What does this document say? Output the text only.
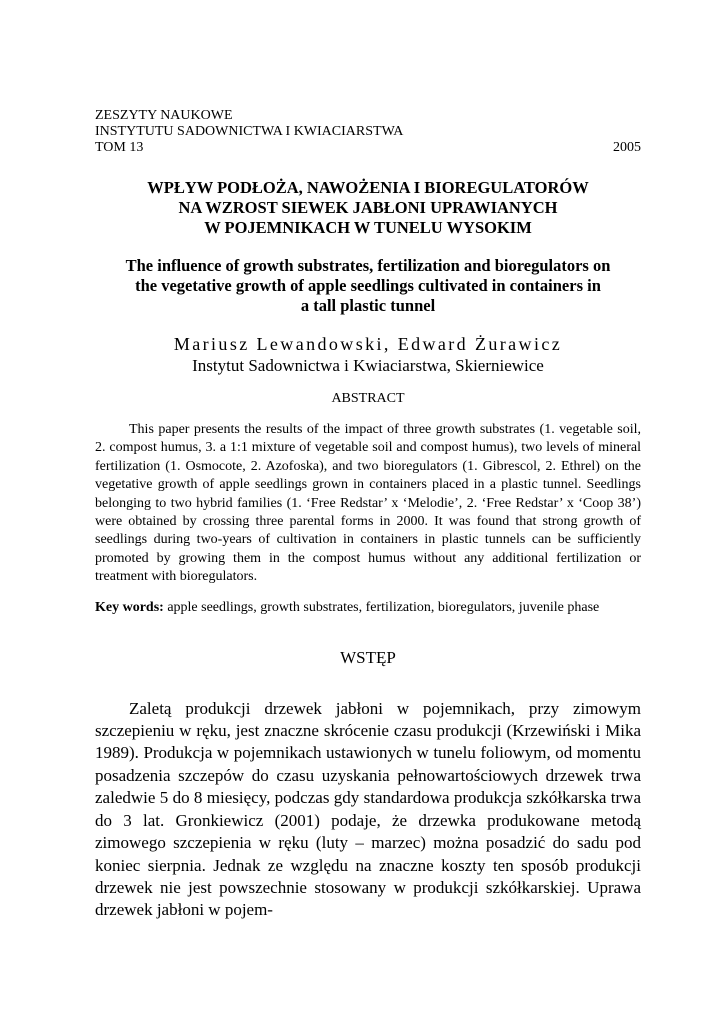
ZESZYTY NAUKOWE
INSTYTUTU SADOWNICTWA I KWIACIARSTWA
TOM 13	2005
WPŁYW PODŁOŻA, NAWOŻENIA I BIOREGULATORÓW
NA WZROST SIEWEK JABŁONI UPRAWIANYCH
W POJEMNIKACH W TUNELU WYSOKIM
The influence of growth substrates, fertilization and bioregulators on
the vegetative growth of apple seedlings cultivated in containers in
a tall plastic tunnel
Mariusz Lewandowski, Edward Żurawicz
Instytut Sadownictwa i Kwiaciarstwa, Skierniewice
ABSTRACT
This paper presents the results of the impact of three growth substrates (1. vegetable soil, 2. compost humus, 3. a 1:1 mixture of vegetable soil and compost humus), two levels of mineral fertilization (1. Osmocote, 2. Azofoska), and two bioregulators (1. Gibrescol, 2. Ethrel) on the vegetative growth of apple seedlings grown in containers placed in a plastic tunnel. Seedlings belonging to two hybrid families (1. ‘Free Redstar’ x ‘Melodie’, 2. ‘Free Redstar’ x ‘Coop 38’) were obtained by crossing three parental forms in 2000. It was found that strong growth of seedlings during two-years of cultivation in containers in plastic tunnels can be sufficiently promoted by growing them in the compost humus without any additional fertilization or treatment with bioregulators.
Key words: apple seedlings, growth substrates, fertilization, bioregulators, juvenile phase
WSTĘP
Zaletą produkcji drzewek jabłoni w pojemnikach, przy zimowym szczepieniu w ręku, jest znaczne skrócenie czasu produkcji (Krzewiński i Mika 1989). Produkcja w pojemnikach ustawionych w tunelu foliowym, od momentu posadzenia szczepów do czasu uzyskania pełnowartościowych drzewek trwa zaledwie 5 do 8 miesięcy, podczas gdy standardowa produkcja szkółkarska trwa do 3 lat. Gronkiewicz (2001) podaje, że drzewka produkowane metodą zimowego szczepienia w ręku (luty – marzec) można posadzić do sadu pod koniec sierpnia. Jednak ze względu na znaczne koszty ten sposób produkcji drzewek nie jest powszechnie stosowany w produkcji szkółkarskiej. Uprawa drzewek jabłoni w pojem-
